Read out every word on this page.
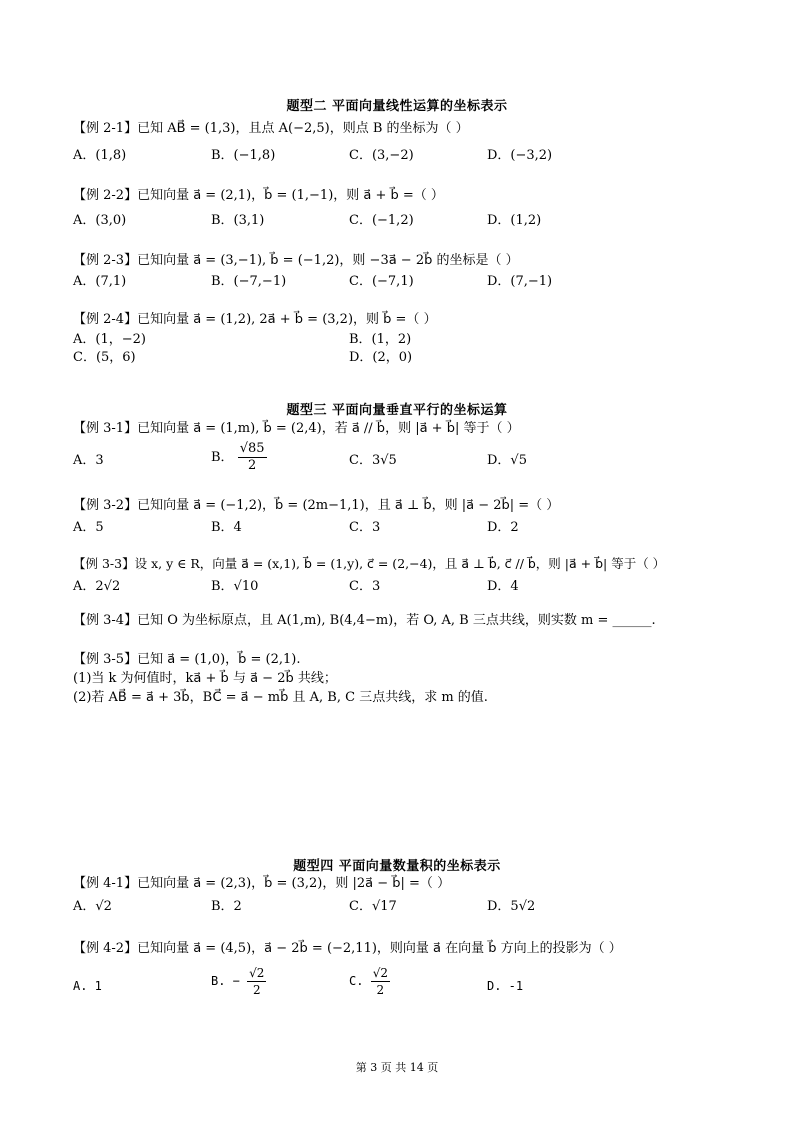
题型二 平面向量线性运算的坐标表示
【例 2-1】已知 AB⃗ = (1,3)，且点 A(−2,5)，则点 B 的坐标为（ ）
A．(1,8)	B．(−1,8)	C．(3,−2)	D．(−3,2)
【例 2-2】已知向量 a⃗ = (2,1)，b⃗ = (1,−1)，则 a⃗ + b⃗ =（ ）
A．(3,0)	B．(3,1)	C．(−1,2)	D．(1,2)
【例 2-3】已知向量 a⃗ = (3,−1), b⃗ = (−1,2)，则 −3a⃗ − 2b⃗ 的坐标是（ ）
A．(7,1)	B．(−7,−1)	C．(−7,1)	D．(7,−1)
【例 2-4】已知向量 a⃗ = (1,2), 2a⃗ + b⃗ = (3,2)，则 b⃗ =（ ）
A．(1，−2)	B．(1，2)
C．(5，6)	D．(2，0)
题型三 平面向量垂直平行的坐标运算
【例 3-1】已知向量 a⃗ = (1,m), b⃗ = (2,4)，若 a⃗ // b⃗，则 |a⃗ + b⃗| 等于（ ）
A．3	B． $\frac{√85}{2}$	C．3√5	D．√5
【例 3-2】已知向量 a⃗ = (−1,2)，b⃗ = (2m−1,1)，且 a⃗ ⊥ b⃗，则 |a⃗ − 2b⃗| =（ ）
A．5	B．4	C．3	D．2
【例 3-3】设 x, y ∈ R，向量 a⃗ = (x,1), b⃗ = (1,y), c⃗ = (2,−4)，且 a⃗ ⊥ b⃗, c⃗ // b⃗，则 |a⃗ + b⃗| 等于（ ）
A．2√2	B．√10	C．3	D．4
【例 3-4】已知 O 为坐标原点，且 A(1,m), B(4,4−m)，若 O, A, B 三点共线，则实数 m = ______.
【例 3-5】已知 a⃗ = (1,0)，b⃗ = (2,1).
(1)当 k 为何值时，ka⃗ + b⃗ 与 a⃗ − 2b⃗ 共线；
(2)若 AB⃗ = a⃗ + 3b⃗，BC⃗ = a⃗ − mb⃗ 且 A, B, C 三点共线，求 m 的值.
题型四 平面向量数量积的坐标表示
【例 4-1】已知向量 a⃗ = (2,3)，b⃗ = (3,2)，则 |2a⃗ − b⃗| =（ ）
A．√2	B．2	C．√17	D．5√2
【例 4-2】已知向量 a⃗ = (4,5)，a⃗ − 2b⃗ = (−2,11)，则向量 a⃗ 在向量 b⃗ 方向上的投影为（ ）
A. 1	B. − $\frac{√2}{2}$	C. $\frac{√2}{2}$	D. -1
第 3 页 共 14 页
